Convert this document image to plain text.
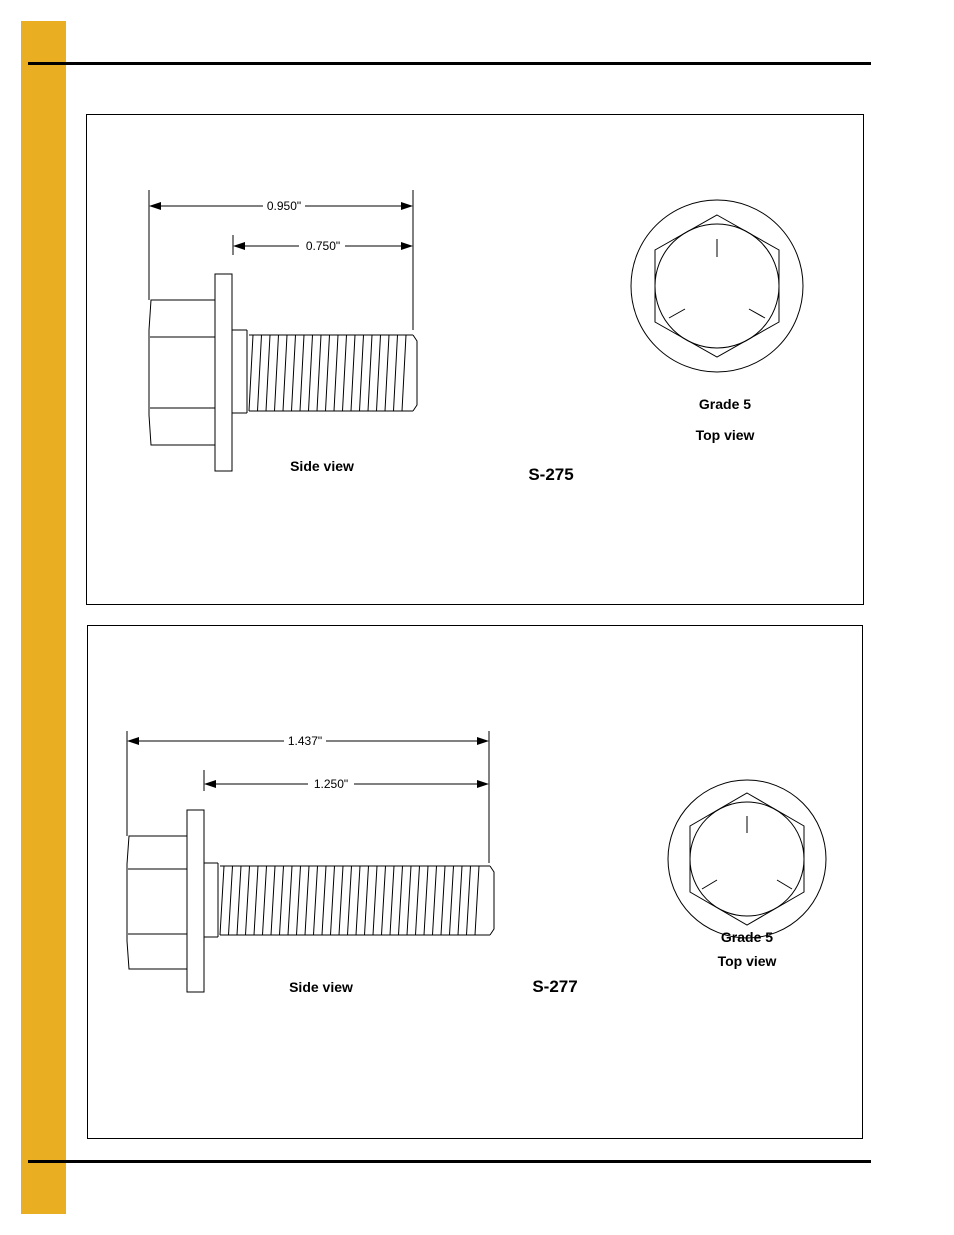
0.950"
0.750"
Side view	S-275
Grade 5
Top view
1.437"
1.250"
Side view	S-277
Grade 5
Top view
